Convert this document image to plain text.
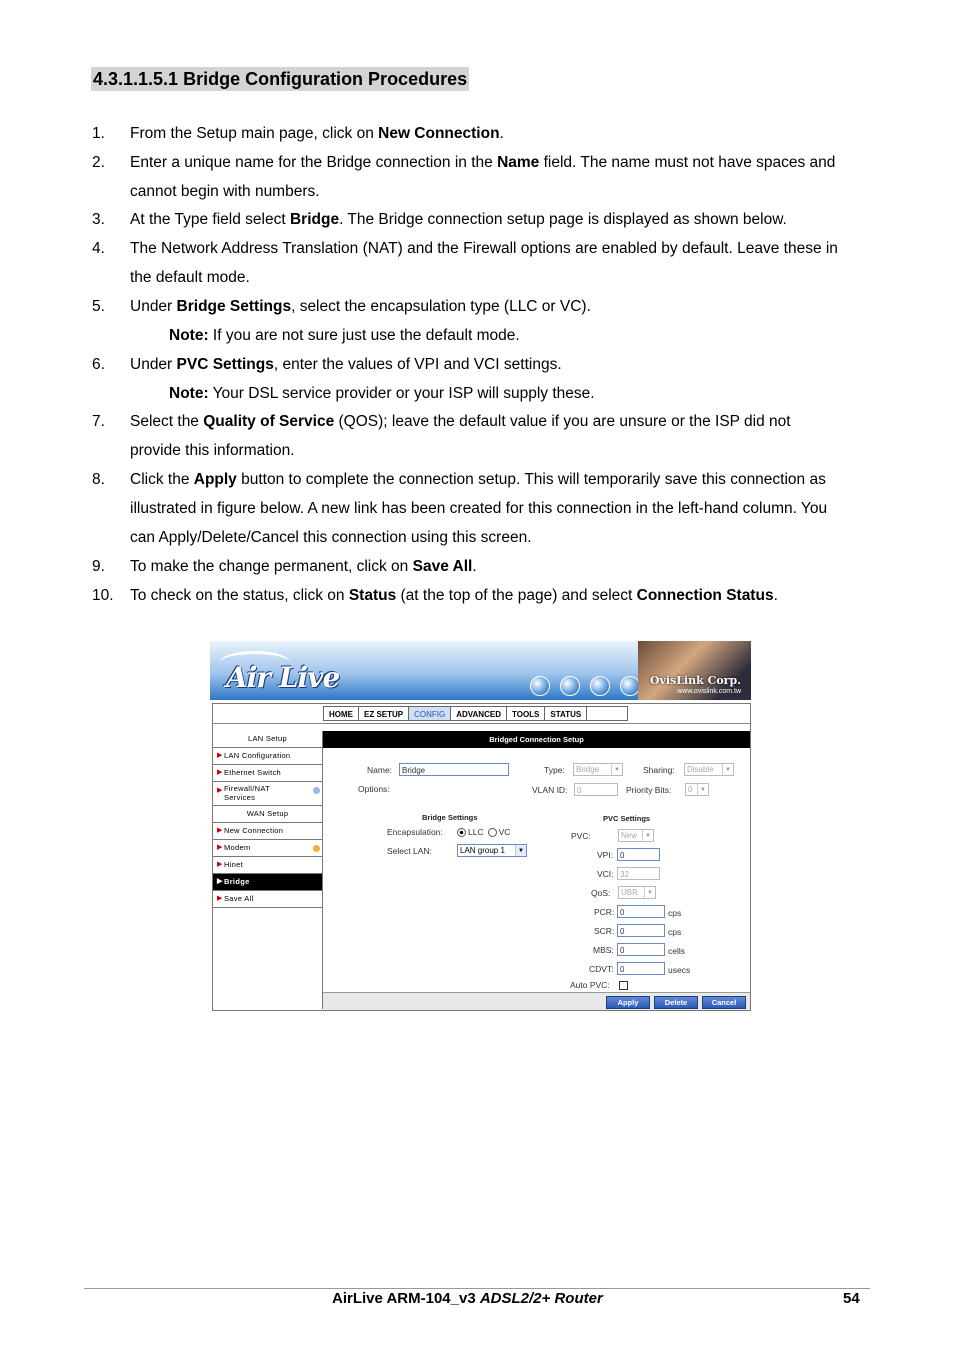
4.3.1.1.5.1 Bridge Configuration Procedures
1. From the Setup main page, click on New Connection.
2. Enter a unique name for the Bridge connection in the Name field. The name must not have spaces and
cannot begin with numbers.
3. At the Type field select Bridge. The Bridge connection setup page is displayed as shown below.
4. The Network Address Translation (NAT) and the Firewall options are enabled by default. Leave these in
the default mode.
5. Under Bridge Settings, select the encapsulation type (LLC or VC).
Note: If you are not sure just use the default mode.
6. Under PVC Settings, enter the values of VPI and VCI settings.
Note: Your DSL service provider or your ISP will supply these.
7. Select the Quality of Service (QOS); leave the default value if you are unsure or the ISP did not
provide this information.
8. Click the Apply button to complete the connection setup. This will temporarily save this connection as
illustrated in figure below. A new link has been created for this connection in the left-hand column. You
can Apply/Delete/Cancel this connection using this screen.
9. To make the change permanent, click on Save All.
10. To check on the status, click on Status (at the top of the page) and select Connection Status.
Air Live	OvisLink Corp.
www.ovislink.com.tw
HOME	EZ SETUP	CONFIG	ADVANCED	TOOLS	STATUS
LAN Setup
▶ LAN Configuration
▶ Ethernet Switch
▶ Firewall/NAT
Services
WAN Setup
▶ New Connection
▶ Modem
▶ Hinet
▶ Bridge
▶ Save All
Bridged Connection Setup
Name:	Bridge	Type:	Bridge	▼	Sharing:	Disable	▼
Options:	VLAN ID:	0	Priority Bits:	0	▼
Bridge Settings
Encapsulation:	LLC VC
Select LAN:	LAN group 1	▼
PVC Settings
PVC:	New	▼
VPI: 0
VCI: 32
QoS:	UBR	▼
PCR: 0	cps
SCR: 0	cps
MBS: 0	cells
CDVT: 0	usecs
Auto PVC:
Apply	Delete	Cancel
AirLive ARM-104_v3 ADSL2/2+ Router	54
